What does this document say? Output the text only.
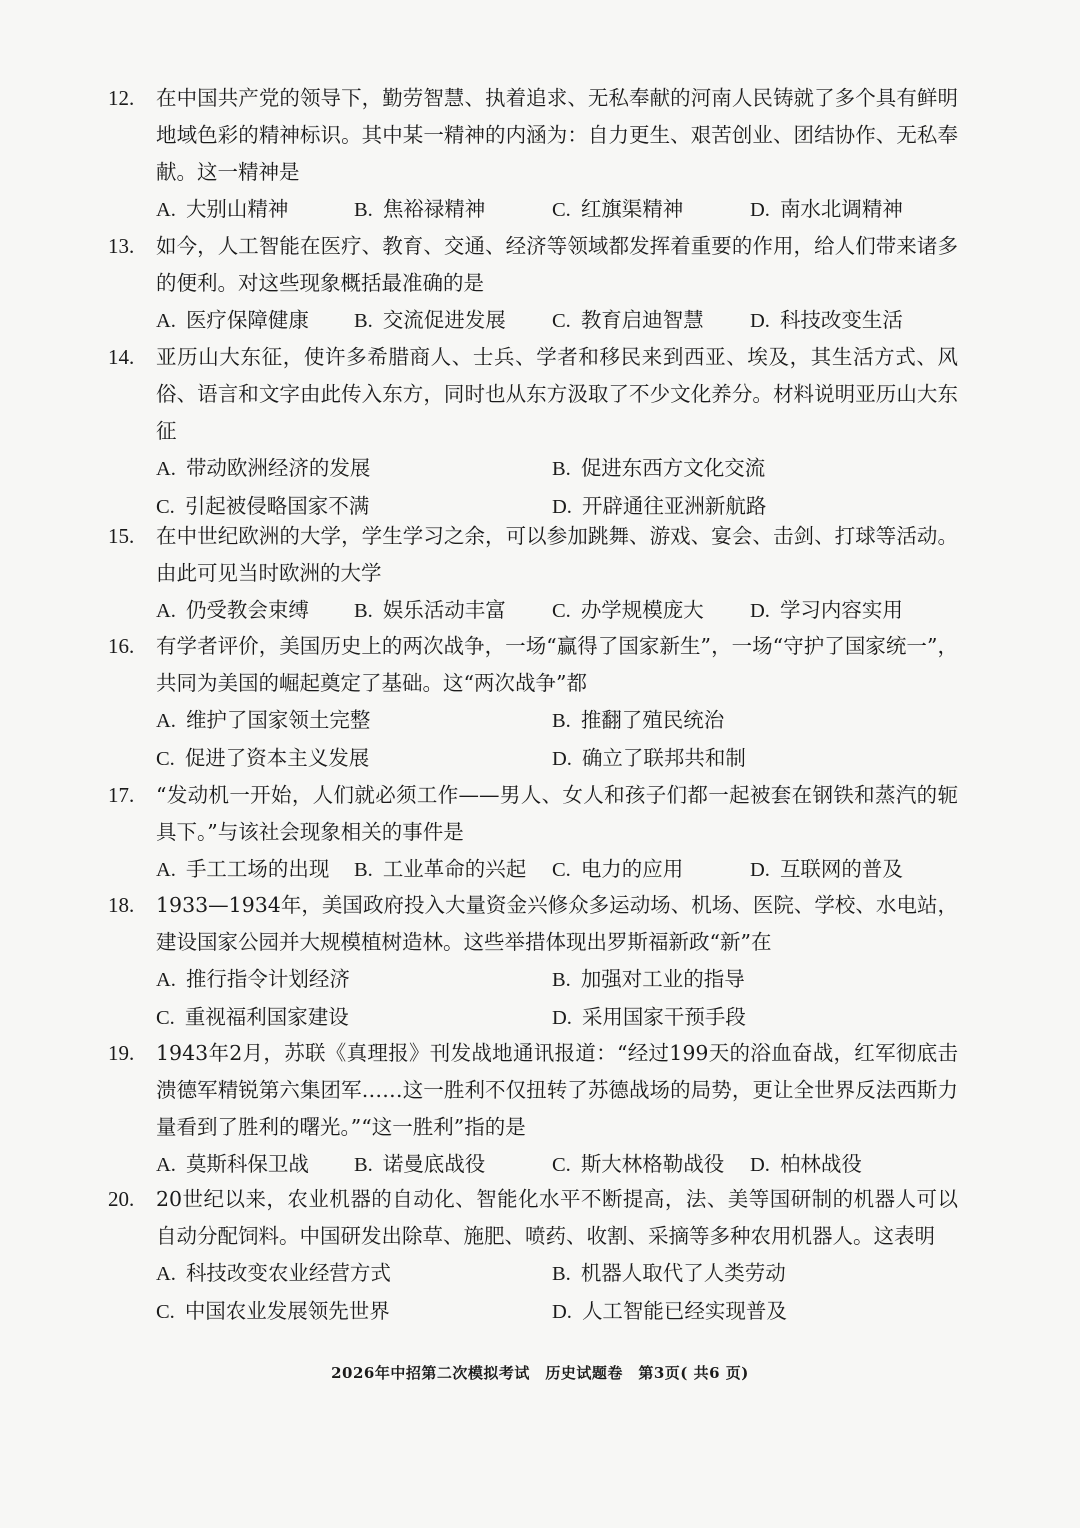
12.	在中国共产党的领导下，勤劳智慧、执着追求、无私奉献的河南人民铸就了多个具有鲜明地域色彩的精神标识。其中某一精神的内涵为：自力更生、艰苦创业、团结协作、无私奉献。这一精神是
A. 大别山精神	B. 焦裕禄精神	C. 红旗渠精神	D. 南水北调精神
13.	如今，人工智能在医疗、教育、交通、经济等领域都发挥着重要的作用，给人们带来诸多的便利。对这些现象概括最准确的是
A. 医疗保障健康	B. 交流促进发展	C. 教育启迪智慧	D. 科技改变生活
14.	亚历山大东征，使许多希腊商人、士兵、学者和移民来到西亚、埃及，其生活方式、风俗、语言和文字由此传入东方，同时也从东方汲取了不少文化养分。材料说明亚历山大东征
A. 带动欧洲经济的发展	B. 促进东西方文化交流
C. 引起被侵略国家不满	D. 开辟通往亚洲新航路
15.	在中世纪欧洲的大学，学生学习之余，可以参加跳舞、游戏、宴会、击剑、打球等活动。由此可见当时欧洲的大学
A. 仍受教会束缚	B. 娱乐活动丰富	C. 办学规模庞大	D. 学习内容实用
16.	有学者评价，美国历史上的两次战争，一场“赢得了国家新生”，一场“守护了国家统一”，共同为美国的崛起奠定了基础。这“两次战争”都
A. 维护了国家领土完整	B. 推翻了殖民统治
C. 促进了资本主义发展	D. 确立了联邦共和制
17.	“发动机一开始，人们就必须工作——男人、女人和孩子们都一起被套在钢铁和蒸汽的轭具下。”与该社会现象相关的事件是
A. 手工工场的出现	B. 工业革命的兴起	C. 电力的应用	D. 互联网的普及
18.	1933—1934年，美国政府投入大量资金兴修众多运动场、机场、医院、学校、水电站，建设国家公园并大规模植树造林。这些举措体现出罗斯福新政“新”在
A. 推行指令计划经济	B. 加强对工业的指导
C. 重视福利国家建设	D. 采用国家干预手段
19.	1943年2月，苏联《真理报》刊发战地通讯报道：“经过199天的浴血奋战，红军彻底击溃德军精锐第六集团军……这一胜利不仅扭转了苏德战场的局势，更让全世界反法西斯力量看到了胜利的曙光。”“这一胜利”指的是
A. 莫斯科保卫战	B. 诺曼底战役	C. 斯大林格勒战役	D. 柏林战役
20.	20世纪以来，农业机器的自动化、智能化水平不断提高，法、美等国研制的机器人可以自动分配饲料。中国研发出除草、施肥、喷药、收割、采摘等多种农用机器人。这表明
A. 科技改变农业经营方式	B. 机器人取代了人类劳动
C. 中国农业发展领先世界	D. 人工智能已经实现普及
2026年中招第二次模拟考试　历史试题卷　第3页( 共6 页)
